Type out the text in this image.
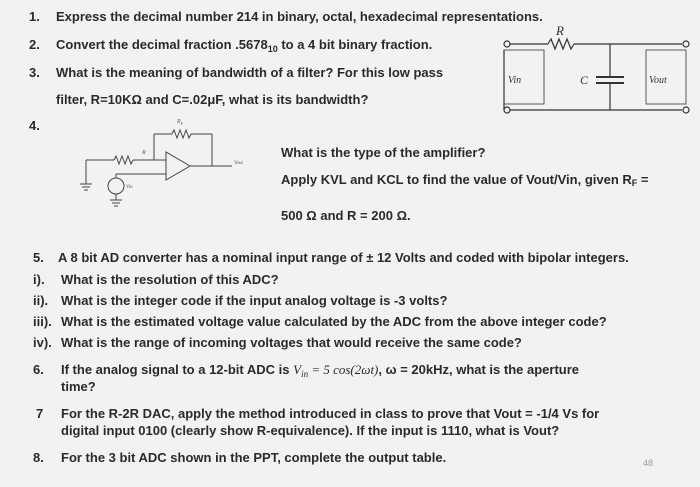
1. Express the decimal number 214 in binary, octal, hexadecimal representations.
2. Convert the decimal fraction $.5678_{10}$ to a 4 bit binary fraction.
3. What is the meaning of bandwidth of a filter? For this low pass
filter, R=10KΩ and C=.02μF, what is its bandwidth?
R
C
Vin	Vout
4.
R
$R_F$
Vout
Vin
What is the type of the amplifier?
Apply KVL and KCL to find the value of Vout/Vin, given RF =
500 Ω and R = 200 Ω.
5. A 8 bit AD converter has a nominal input range of ± 12 Volts and coded with bipolar integers.
i). What is the resolution of this ADC?
ii). What is the integer code if the input analog voltage is -3 volts?
iii). What is the estimated voltage value calculated by the ADC from the above integer code?
iv). What is the range of incoming voltages that would receive the same code?
6. If the analog signal to a 12-bit ADC is $V_{in} = 5$ cos(2ωt), ω = 20kHz, what is the aperture
time?
7 For the R-2R DAC, apply the method introduced in class to prove that Vout = -1/4 Vs for
digital input 0100 (clearly show R-equivalence). If the input is 1110, what is Vout?
8. For the 3 bit ADC shown in the PPT, complete the output table.	48
